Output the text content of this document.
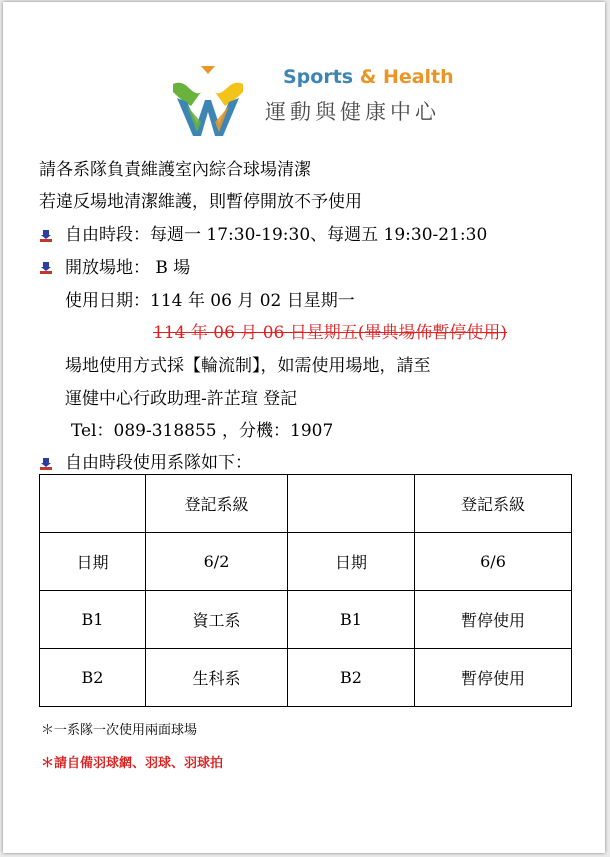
Sports & Health
運動與健康中心
請各系隊負責維護室內綜合球場清潔
若違反場地清潔維護，則暫停開放不予使用
自由時段：每週一 17:30-19:30、每週五 19:30-21:30
開放場地： B 場
使用日期：114 年 06 月 02 日星期一
114 年 06 月 06 日星期五(畢典場佈暫停使用)
場地使用方式採【輪流制】，如需使用場地，請至
運健中心行政助理-許芷瑄 登記
Tel：089-318855 ，分機：1907
自由時段使用系隊如下：
	登記系級		登記系級
日期	6/2	日期	6/6
B1	資工系	B1	暫停使用
B2	生科系	B2	暫停使用
＊一系隊一次使用兩面球場
＊請自備羽球網、羽球、羽球拍
